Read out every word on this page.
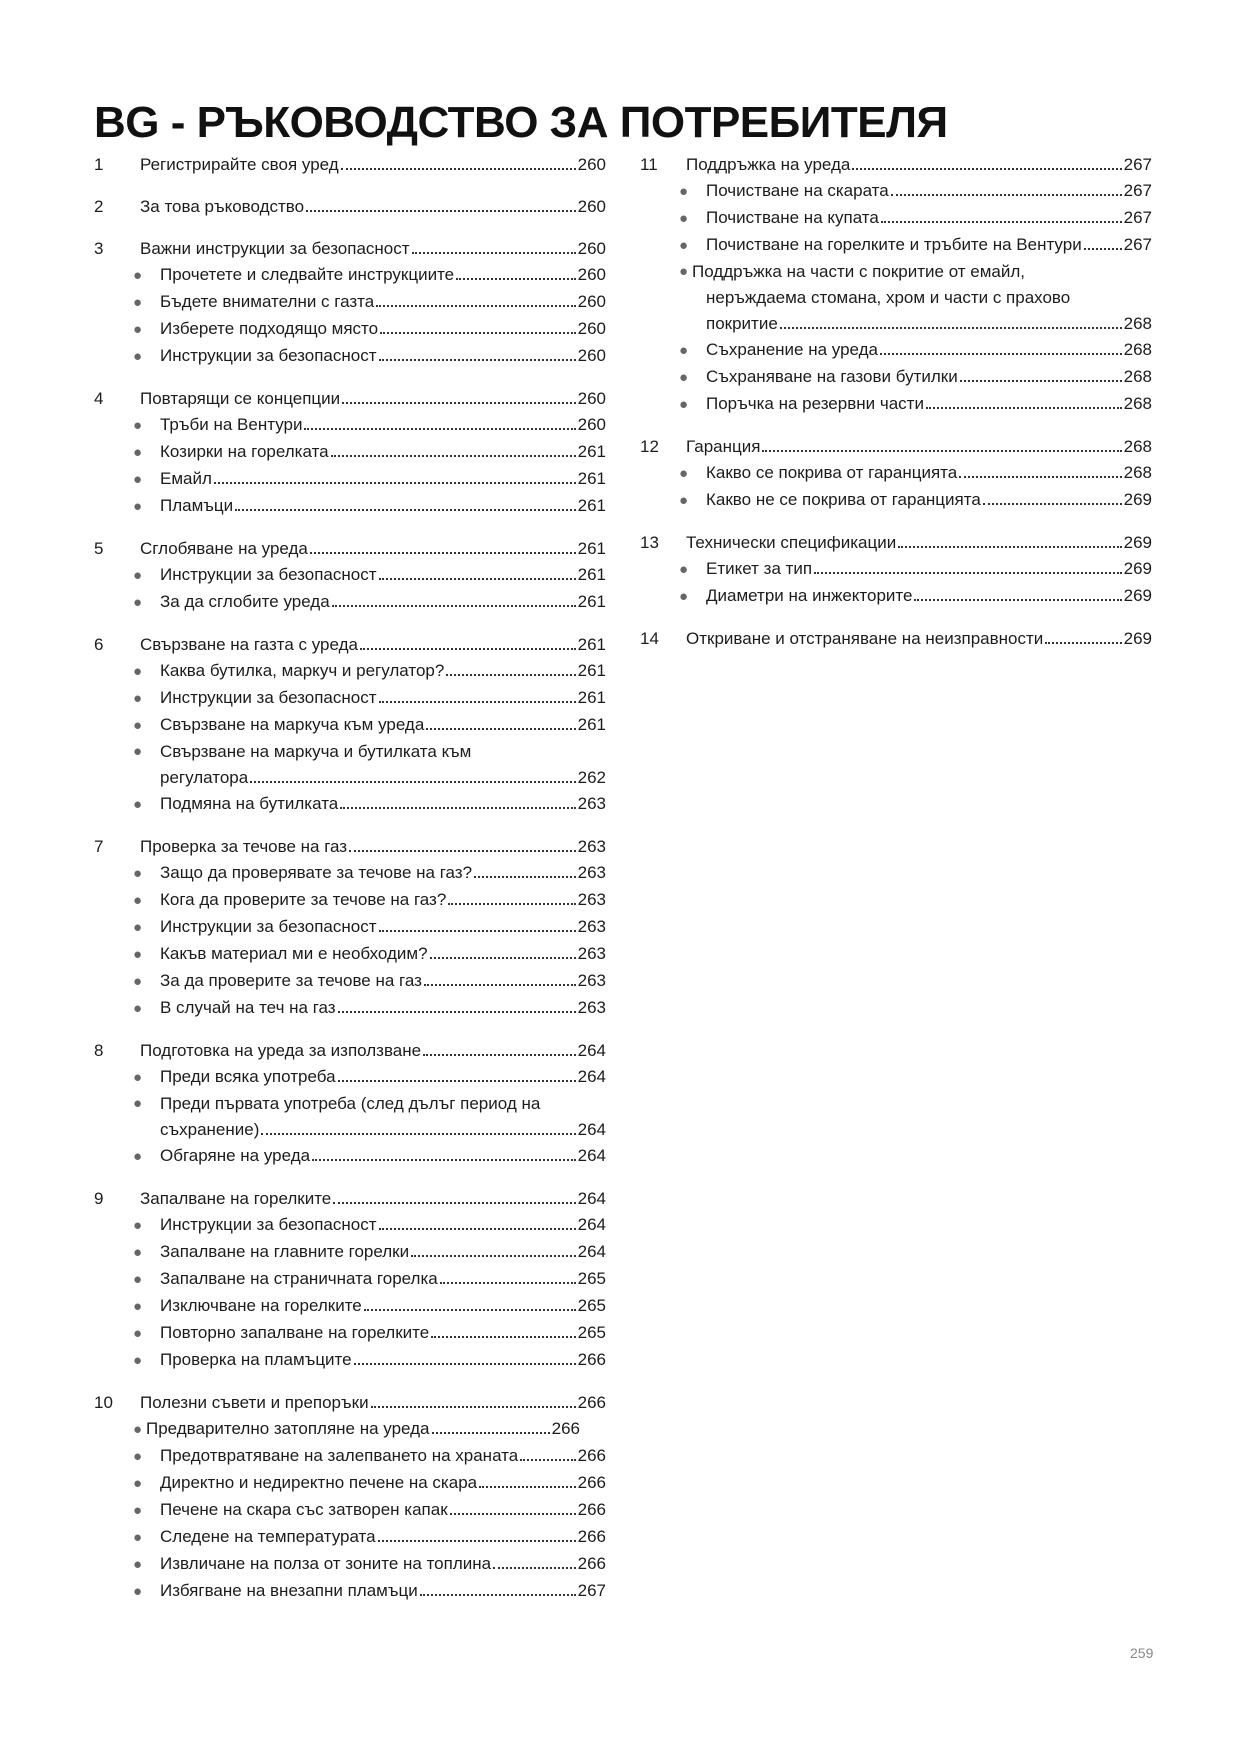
BG - РЪКОВОДСТВО ЗА ПОТРЕБИТЕЛЯ
1	Регистрирайте своя уред	260
2	За това ръководство	260
3	Важни инструкции за безопасност	260
● Прочетете и следвайте инструкциите	260
● Бъдете внимателни с газта	260
● Изберете подходящо място	260
● Инструкции за безопасност	260
4	Повтарящи се концепции	260
● Тръби на Вентури	260
● Козирки на горелката	261
● Емайл	261
● Пламъци	261
5	Сглобяване на уреда	261
● Инструкции за безопасност	261
● За да сглобите уреда	261
6	Свързване на газта с уреда	261
● Каква бутилка, маркуч и регулатор?	261
● Инструкции за безопасност	261
● Свързване на маркуча към уреда	261
● Свързване на маркуча и бутилката към
регулатора	262
● Подмяна на бутилката	263
7	Проверка за течове на газ	263
● Защо да проверявате за течове на газ?	263
● Кога да проверите за течове на газ?	263
● Инструкции за безопасност	263
● Какъв материал ми е необходим?	263
● За да проверите за течове на газ	263
● В случай на теч на газ	263
8	Подготовка на уреда за използване	264
● Преди всяка употреба	264
● Преди първата употреба (след дълъг период на
съхранение)	264
● Обгаряне на уреда	264
9	Запалване на горелките	264
● Инструкции за безопасност	264
● Запалване на главните горелки	264
● Запалване на страничната горелка	265
● Изключване на горелките	265
● Повторно запалване на горелките	265
● Проверка на пламъците	266
10	Полезни съвети и препоръки	266
● Предварително затопляне на уреда	266
● Предотвратяване на залепването на храната	266
● Директно и недиректно печене на скара	266
● Печене на скара със затворен капак	266
● Следене на температурата	266
● Извличане на полза от зоните на топлина	266
● Избягване на внезапни пламъци	267
11	Поддръжка на уреда	267
● Почистване на скарата	267
● Почистване на купата	267
● Почистване на горелките и тръбите на Вентури 267
● Поддръжка на части с покритие от емайл,
неръждаема стомана, хром и части с прахово
покритие	268
● Съхранение на уреда	268
● Съхраняване на газови бутилки	268
● Поръчка на резервни части	268
12	Гаранция	268
● Какво се покрива от гаранцията	268
● Какво не се покрива от гаранцията	269
13	Технически спецификации	269
● Етикет за тип	269
● Диаметри на инжекторите	269
14	Откриване и отстраняване на неизправности	269
259
